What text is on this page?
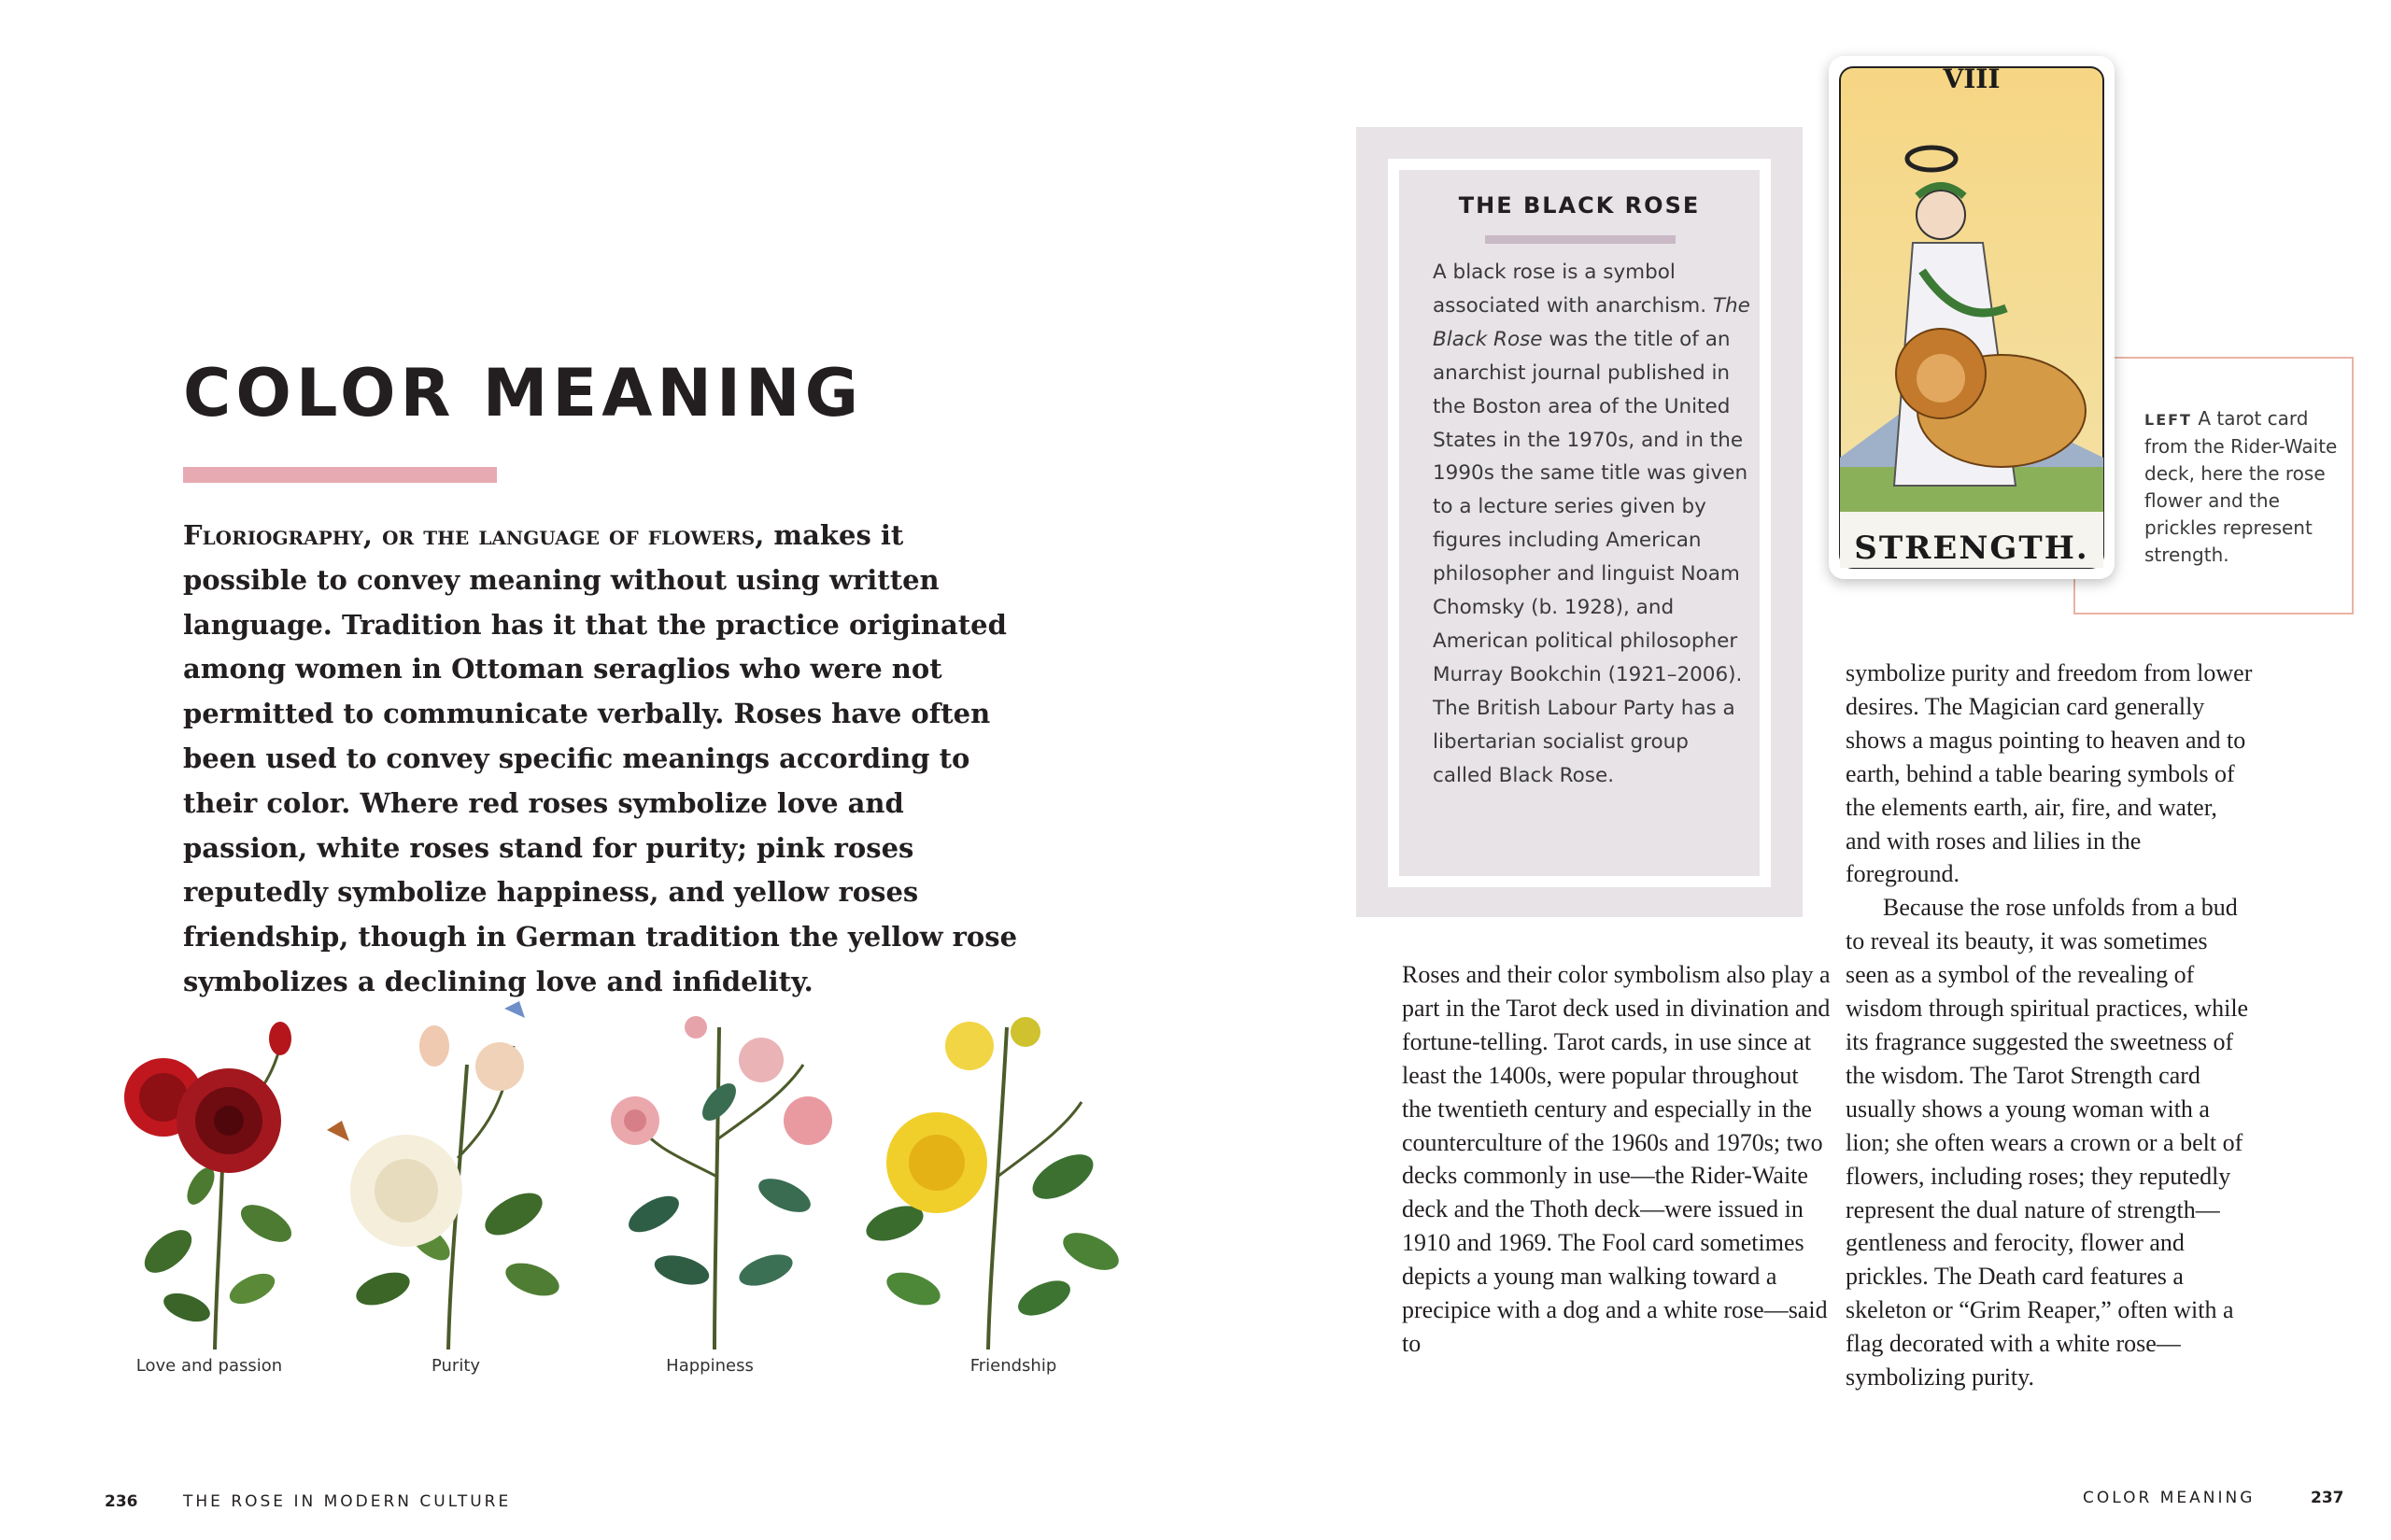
COLOR MEANING

Floriography, or the language of flowers, makes it possible to convey meaning without using written language. Tradition has it that the practice originated among women in Ottoman seraglios who were not permitted to communicate verbally. Roses have often been used to convey specific meanings according to their color. Where red roses symbolize love and passion, white roses stand for purity; pink roses reputedly symbolize happiness, and yellow roses friendship, though in German tradition the yellow rose symbolizes a declining love and infidelity.

Love and passion	Purity	Happiness	Friendship
236	THE ROSE IN MODERN CULTURE
THE BLACK ROSE

A black rose is a symbol associated with anarchism. The Black Rose was the title of an anarchist journal published in the Boston area of the United States in the 1970s, and in the 1990s the same title was given to a lecture series given by figures including American philosopher and linguist Noam Chomsky (b. 1928), and American political philosopher Murray Bookchin (1921–2006). The British Labour Party has a libertarian socialist group called Black Rose.

VIII
STRENGTH.
LEFT A tarot card from the Rider-Waite deck, here the rose flower and the prickles represent strength.

Roses and their color symbolism also play a part in the Tarot deck used in divination and fortune-telling. Tarot cards, in use since at least the 1400s, were popular throughout the twentieth century and especially in the counterculture of the 1960s and 1970s; two decks commonly in use—the Rider-Waite deck and the Thoth deck—were issued in 1910 and 1969. The Fool card sometimes depicts a young man walking toward a precipice with a dog and a white rose—said to

symbolize purity and freedom from lower desires. The Magician card generally shows a magus pointing to heaven and to earth, behind a table bearing symbols of the elements earth, air, fire, and water, and with roses and lilies in the foreground.

Because the rose unfolds from a bud to reveal its beauty, it was sometimes seen as a symbol of the revealing of wisdom through spiritual practices, while its fragrance suggested the sweetness of the wisdom. The Tarot Strength card usually shows a young woman with a lion; she often wears a crown or a belt of flowers, including roses; they reputedly represent the dual nature of strength—gentleness and ferocity, flower and prickles. The Death card features a skeleton or “Grim Reaper,” often with a flag decorated with a white rose—symbolizing purity.

COLOR MEANING	237
